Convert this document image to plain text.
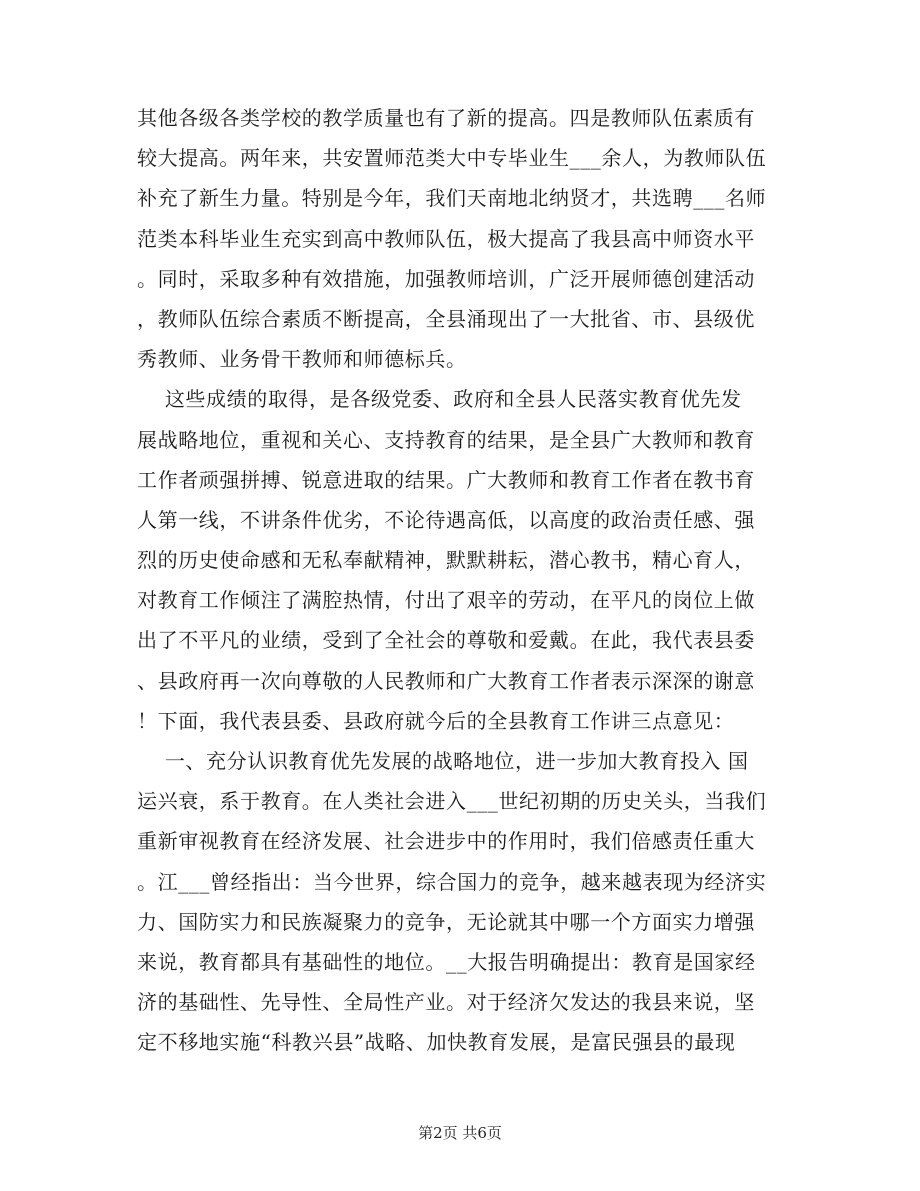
其他各级各类学校的教学质量也有了新的提高。四是教师队伍素质有
较大提高。两年来，共安置师范类大中专毕业生___余人，为教师队伍
补充了新生力量。特别是今年，我们天南地北纳贤才，共选聘___名师
范类本科毕业生充实到高中教师队伍，极大提高了我县高中师资水平
。同时，采取多种有效措施，加强教师培训，广泛开展师德创建活动
，教师队伍综合素质不断提高，全县涌现出了一大批省、市、县级优
秀教师、业务骨干教师和师德标兵。
这些成绩的取得，是各级党委、政府和全县人民落实教育优先发
展战略地位，重视和关心、支持教育的结果，是全县广大教师和教育
工作者顽强拼搏、锐意进取的结果。广大教师和教育工作者在教书育
人第一线，不讲条件优劣，不论待遇高低，以高度的政治责任感、强
烈的历史使命感和无私奉献精神，默默耕耘，潜心教书，精心育人，
对教育工作倾注了满腔热情，付出了艰辛的劳动，在平凡的岗位上做
出了不平凡的业绩，受到了全社会的尊敬和爱戴。在此，我代表县委
、县政府再一次向尊敬的人民教师和广大教育工作者表示深深的谢意
！下面，我代表县委、县政府就今后的全县教育工作讲三点意见：
一、充分认识教育优先发展的战略地位，进一步加大教育投入 国
运兴衰，系于教育。在人类社会进入___世纪初期的历史关头，当我们
重新审视教育在经济发展、社会进步中的作用时，我们倍感责任重大
。江___曾经指出：当今世界，综合国力的竞争，越来越表现为经济实
力、国防实力和民族凝聚力的竞争，无论就其中哪一个方面实力增强
来说，教育都具有基础性的地位。__大报告明确提出：教育是国家经
济的基础性、先导性、全局性产业。对于经济欠发达的我县来说，坚
定不移地实施“科教兴县”战略、加快教育发展，是富民强县的最现
第2页 共6页
